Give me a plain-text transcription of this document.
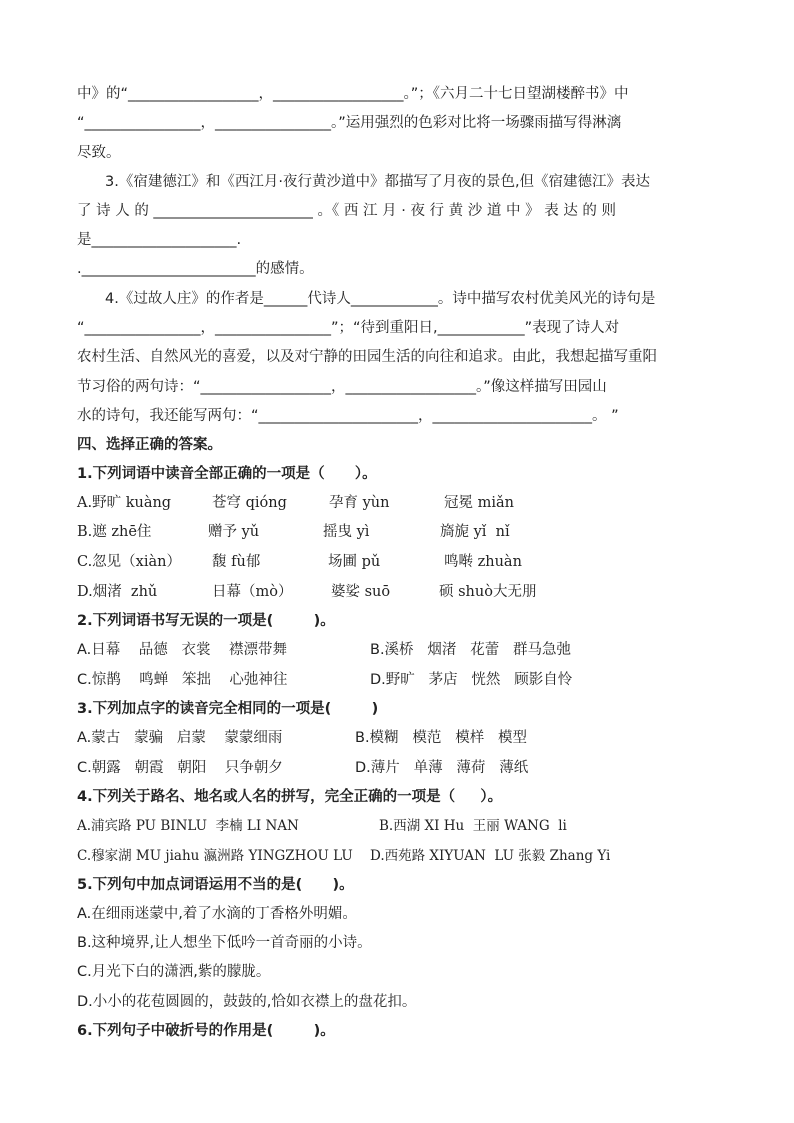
中》的“__________________，__________________。”；《六月二十七日望湖楼醉书》中
“________________，________________。”运用强烈的色彩对比将一场骤雨描写得淋漓
尽致。
3.《宿建德江》和《西江月·夜行黄沙道中》都描写了月夜的景色,但《宿建德江》表达
了 诗 人 的 ______________________ 。《 西 江 月 · 夜 行 黄 沙 道 中 》 表 达 的 则
是____________________.
.________________________的感情。
4.《过故人庄》的作者是______代诗人____________。诗中描写农村优美风光的诗句是
“________________，________________”；“待到重阳日,____________”表现了诗人对
农村生活、自然风光的喜爱，以及对宁静的田园生活的向往和追求。由此，我想起描写重阳
节习俗的两句诗：“__________________，__________________。”像这样描写田园山
水的诗句，我还能写两句：“______________________，______________________。 ”
四、选择正确的答案。
1.下列词语中读音全部正确的一项是（      ）。
A.野旷 kuàng	苍穹 qióng	孕育 yùn	冠冕 miǎn
B.遮 zhē住	赠予 yǔ	摇曳 yì	旖旎 yǐ  nǐ
C.忽见（xiàn） 馥 fù郁	场圃 pǔ	鸣啭 zhuàn
D.烟渚  zhǔ	日幕（mò）	婆娑 suō	硕 shuò大无朋
2.下列词语书写无误的一项是(        )。
A.日幕    品德   衣裳    襟漂带舞	B.溪桥   烟渚   花蕾   群马急弛
C.惊鹊    鸣蝉   笨拙    心弛神往	D.野旷   茅店   恍然   顾影自怜
3.下列加点字的读音完全相同的一项是(        )
A.蒙古   蒙骗   启蒙    蒙蒙细雨	B.模糊   模范   模样   模型
C.朝露   朝霞   朝阳    只争朝夕	D.薄片   单薄   薄荷   薄纸
4.下列关于路名、地名或人名的拼写，完全正确的一项是（     ）。
A.浦宾路 PU BINLU  李楠 LI NAN	B.西湖 XI Hu  王丽 WANG  li
C.穆家湖 MU jiahu 瀛洲路 YINGZHOU LU D.西苑路 XIYUAN  LU 张毅 Zhang Yi
5.下列句中加点词语运用不当的是(      )。
A.在细雨迷蒙中,着了水滴的丁香格外明媚。
B.这种境界,让人想坐下低吟一首奇丽的小诗。
C.月光下白的潇洒,紫的朦胧。
D.小小的花苞圆圆的，鼓鼓的,恰如衣襟上的盘花扣。
6.下列句子中破折号的作用是(        )。
